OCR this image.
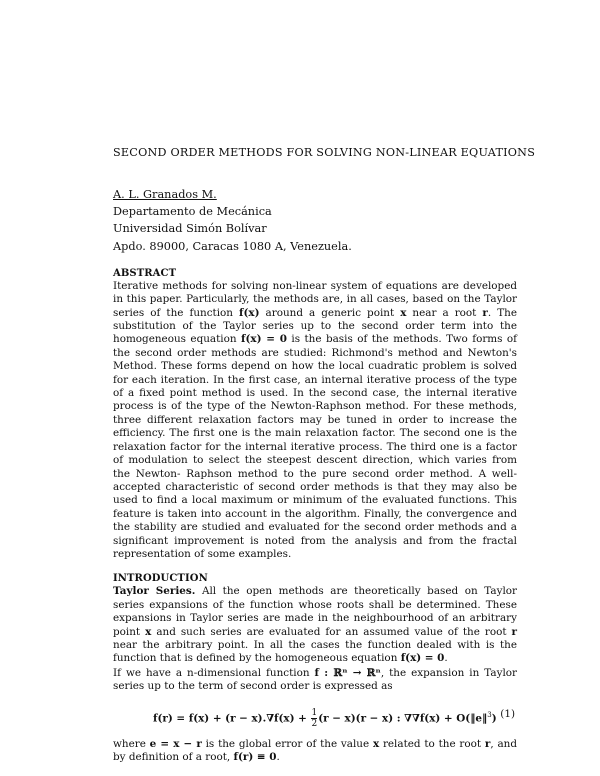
SECOND ORDER METHODS FOR SOLVING NON-LINEAR EQUATIONS
A. L. Granados M.
Departamento de Mecánica
Universidad Simón Bolívar
Apdo. 89000, Caracas 1080 A, Venezuela.
ABSTRACT

Iterative methods for solving non-linear system of equations are developed in this paper. Particularly, the methods are, in all cases, based on the Taylor series of the function f(x) around a generic point x near a root r. The substitution of the Taylor series up to the second order term into the homogeneous equation f(x) = 0 is the basis of the methods. Two forms of the second order methods are studied: Richmond's method and Newton's Method. These forms depend on how the local cuadratic problem is solved for each iteration. In the first case, an internal iterative process of the type of a fixed point method is used. In the second case, the internal iterative process is of the type of the Newton-Raphson method. For these methods, three different relaxation factors may be tuned in order to increase the efficiency. The first one is the main relaxation factor. The second one is the relaxation factor for the internal iterative process. The third one is a factor of modulation to select the steepest descent direction, which varies from the Newton- Raphson method to the pure second order method. A well-accepted characteristic of second order methods is that they may also be used to find a local maximum or minimum of the evaluated functions. This feature is taken into account in the algorithm. Finally, the convergence and the stability are studied and evaluated for the second order methods and a significant improvement is noted from the analysis and from the fractal representation of some examples.

INTRODUCTION

Taylor Series. All the open methods are theoretically based on Taylor series expansions of the function whose roots shall be determined. These expansions in Taylor series are made in the neighbourhood of an arbitrary point x and such series are evaluated for an assumed value of the root r near the arbitrary point. In all the cases the function dealed with is the function that is defined by the homogeneous equation f(x) = 0.

If we have a n-dimensional function f : ℝⁿ → ℝⁿ, the expansion in Taylor series up to the term of second order is expressed as

$f(r) = f(x) + (r - x).\nabla f(x) + \frac{1}{2} (r - x)(r - x)$ : ∇∇f(x) + O(‖e‖$^3$) (1)

where e = x − r is the global error of the value x related to the root r, and by definition of a root, f(r) ≡ 0.
